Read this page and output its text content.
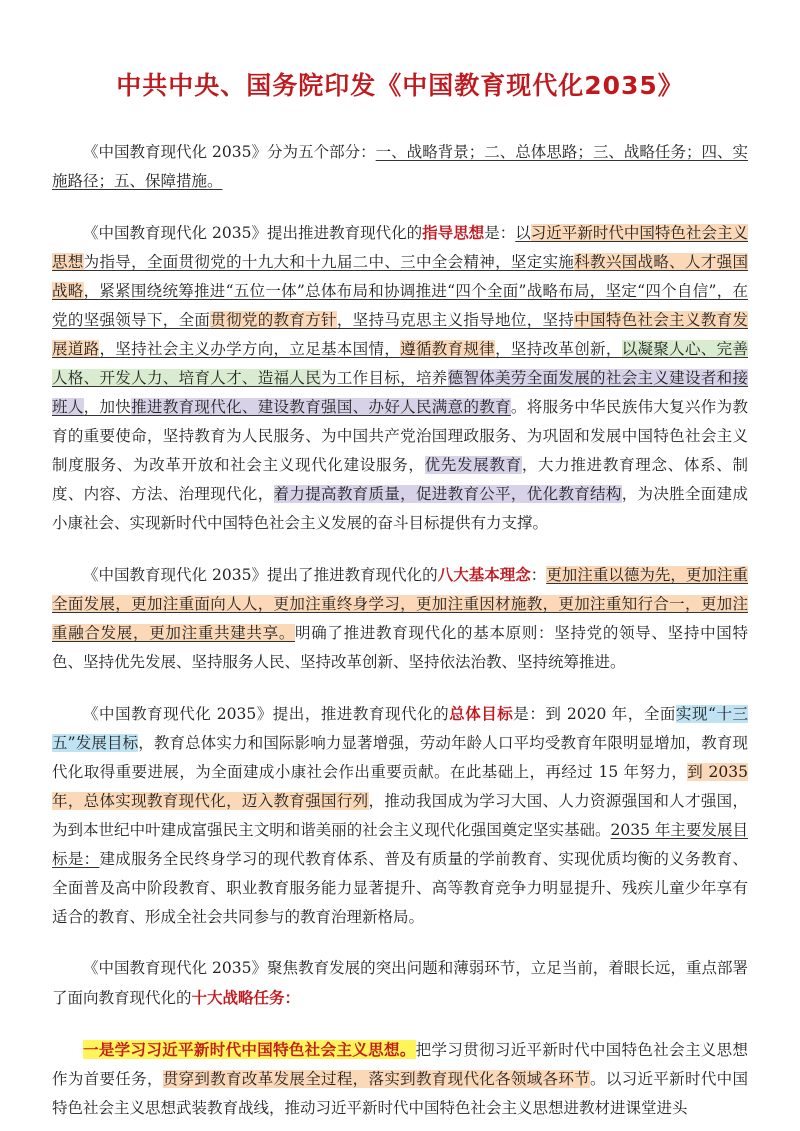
中共中央、国务院印发《中国教育现代化2035》

《中国教育现代化 2035》分为五个部分：一、战略背景；二、总体思路；三、战略任务；四、实施路径；五、保障措施。

《中国教育现代化 2035》提出推进教育现代化的指导思想是：以习近平新时代中国特色社会主义思想为指导，全面贯彻党的十九大和十九届二中、三中全会精神，坚定实施科教兴国战略、人才强国战略，紧紧围绕统筹推进“五位一体”总体布局和协调推进“四个全面”战略布局，坚定“四个自信”，在党的坚强领导下，全面贯彻党的教育方针，坚持马克思主义指导地位，坚持中国特色社会主义教育发展道路，坚持社会主义办学方向，立足基本国情，遵循教育规律，坚持改革创新，以凝聚人心、完善人格、开发人力、培育人才、造福人民为工作目标，培养德智体美劳全面发展的社会主义建设者和接班人，加快推进教育现代化、建设教育强国、办好人民满意的教育。将服务中华民族伟大复兴作为教育的重要使命，坚持教育为人民服务、为中国共产党治国理政服务、为巩固和发展中国特色社会主义制度服务、为改革开放和社会主义现代化建设服务，优先发展教育，大力推进教育理念、体系、制度、内容、方法、治理现代化，着力提高教育质量，促进教育公平，优化教育结构，为决胜全面建成小康社会、实现新时代中国特色社会主义发展的奋斗目标提供有力支撑。

《中国教育现代化 2035》提出了推进教育现代化的八大基本理念：更加注重以德为先，更加注重全面发展，更加注重面向人人，更加注重终身学习，更加注重因材施教，更加注重知行合一，更加注重融合发展，更加注重共建共享。明确了推进教育现代化的基本原则：坚持党的领导、坚持中国特色、坚持优先发展、坚持服务人民、坚持改革创新、坚持依法治教、坚持统筹推进。

《中国教育现代化 2035》提出，推进教育现代化的总体目标是：到 2020 年，全面实现“十三五”发展目标，教育总体实力和国际影响力显著增强，劳动年龄人口平均受教育年限明显增加，教育现代化取得重要进展，为全面建成小康社会作出重要贡献。在此基础上，再经过 15 年努力，到 2035 年，总体实现教育现代化，迈入教育强国行列，推动我国成为学习大国、人力资源强国和人才强国，为到本世纪中叶建成富强民主文明和谐美丽的社会主义现代化强国奠定坚实基础。2035 年主要发展目标是：建成服务全民终身学习的现代教育体系、普及有质量的学前教育、实现优质均衡的义务教育、全面普及高中阶段教育、职业教育服务能力显著提升、高等教育竞争力明显提升、残疾儿童少年享有适合的教育、形成全社会共同参与的教育治理新格局。

《中国教育现代化 2035》聚焦教育发展的突出问题和薄弱环节，立足当前，着眼长远，重点部署了面向教育现代化的十大战略任务：

一是学习习近平新时代中国特色社会主义思想。把学习贯彻习近平新时代中国特色社会主义思想作为首要任务，贯穿到教育改革发展全过程，落实到教育现代化各领域各环节。以习近平新时代中国特色社会主义思想武装教育战线，推动习近平新时代中国特色社会主义思想进教材进课堂进头
